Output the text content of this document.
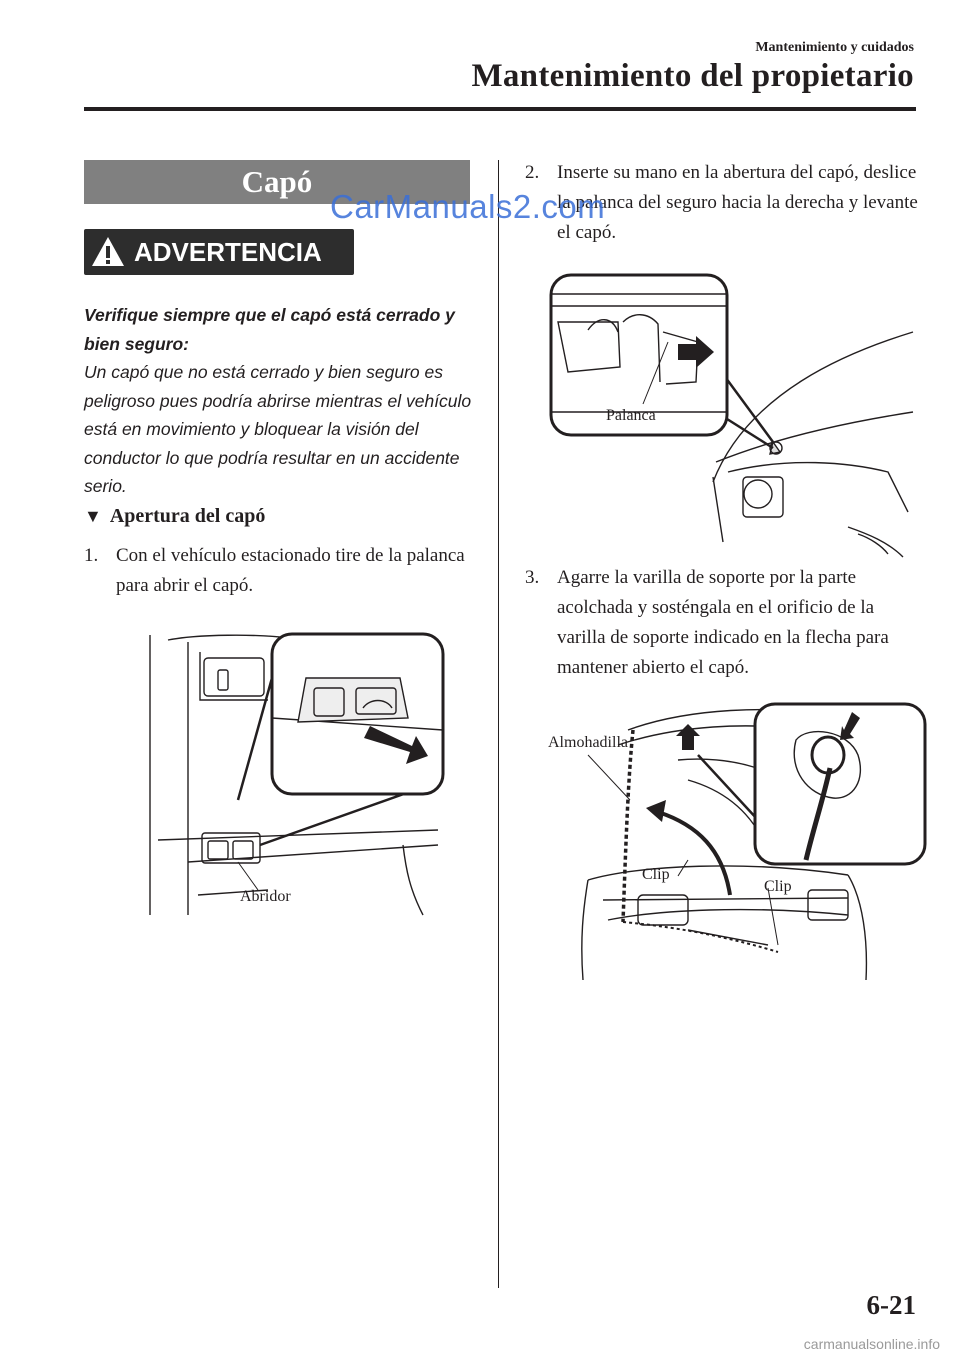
Mantenimiento y cuidados
Mantenimiento del propietario
Capó
ADVERTENCIA
Verifique siempre que el capó está cerrado y bien seguro:
Un capó que no está cerrado y bien seguro es peligroso pues podría abrirse mientras el vehículo está en movimiento y bloquear la visión del conductor lo que podría resultar en un accidente serio.
▼ Apertura del capó
1. Con el vehículo estacionado tire de la palanca para abrir el capó.
Abridor
2. Inserte su mano en la abertura del capó, deslice la palanca del seguro hacia la derecha y levante el capó.
Palanca
3. Agarre la varilla de soporte por la parte acolchada y sosténgala en el orificio de la varilla de soporte indicado en la flecha para mantener abierto el capó.
Almohadilla
Clip
Clip
CarManuals2.com
6-21
carmanualsonline.info
